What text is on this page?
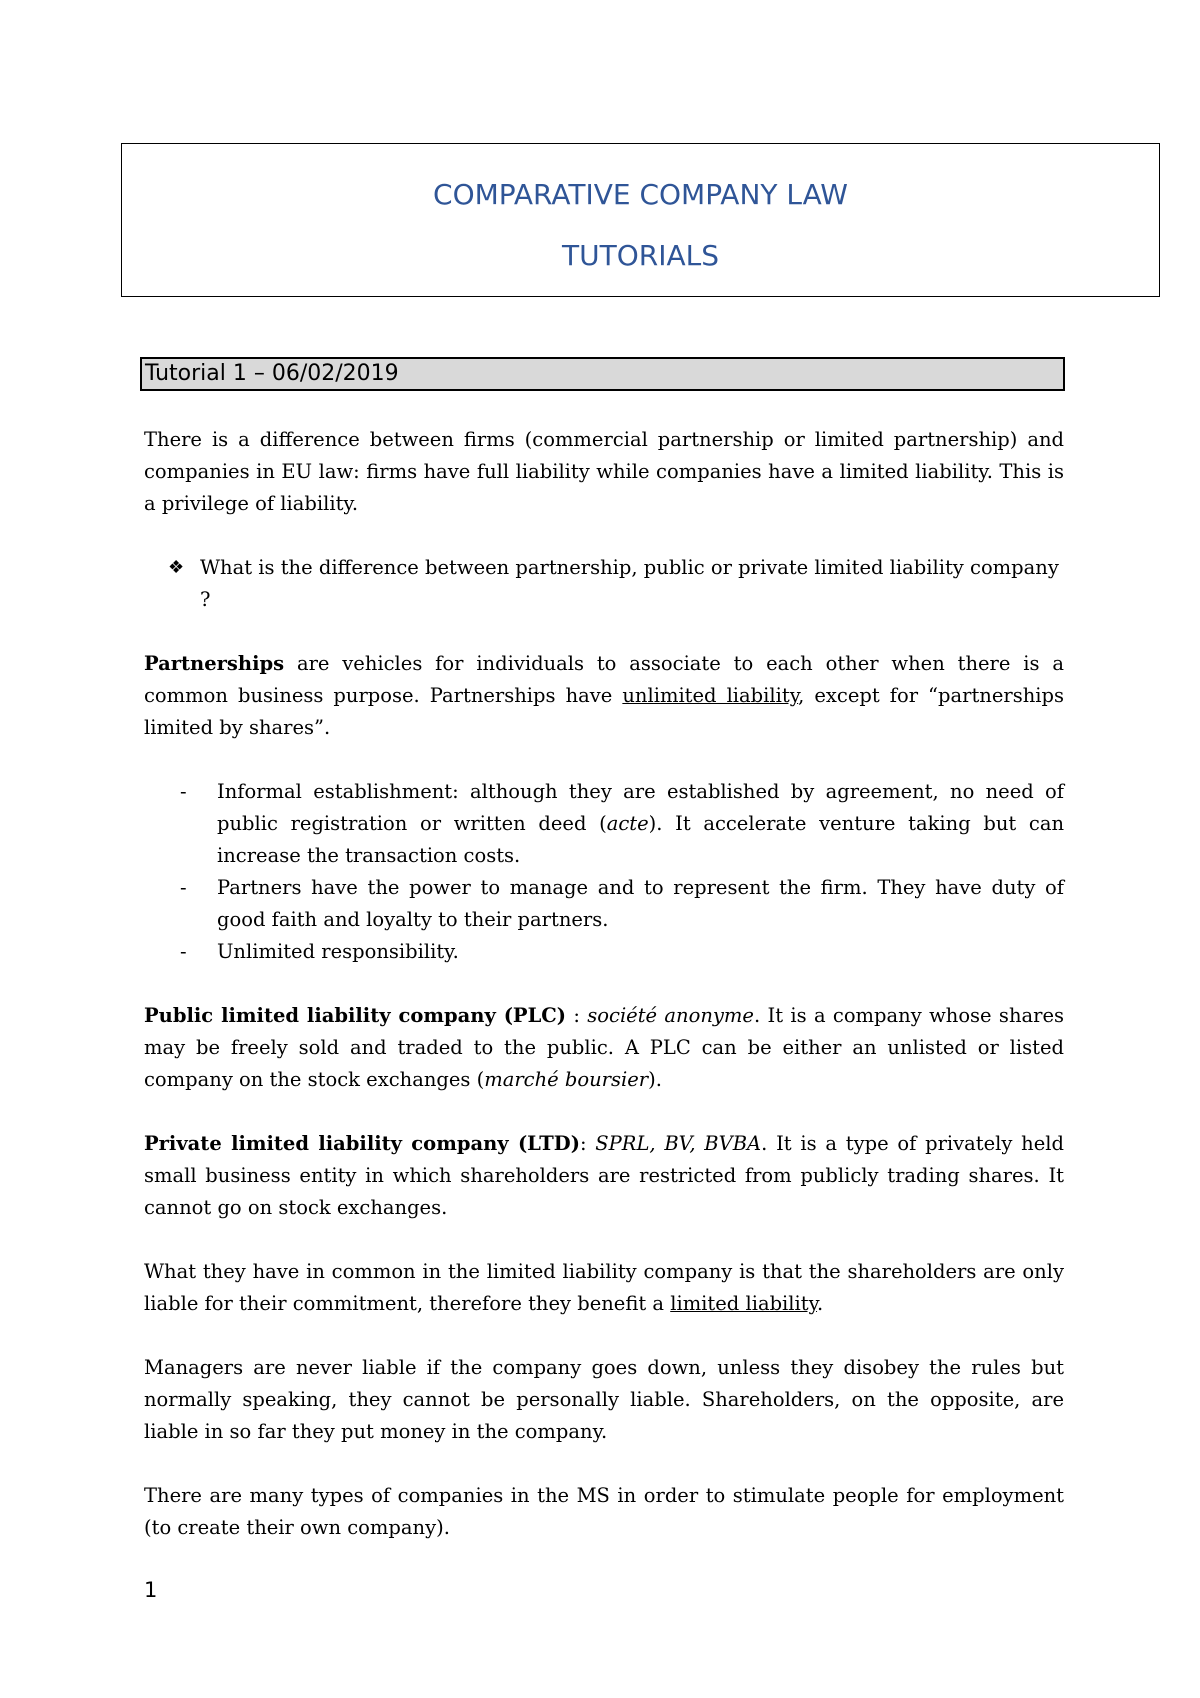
COMPARATIVE COMPANY LAW
TUTORIALS
Tutorial 1 – 06/02/2019

There is a difference between firms (commercial partnership or limited partnership) and companies in EU law: firms have full liability while companies have a limited liability. This is a privilege of liability.

❖ What is the difference between partnership, public or private limited liability company ?

Partnerships are vehicles for individuals to associate to each other when there is a common business purpose. Partnerships have unlimited liability, except for “partnerships limited by shares”.

-	Informal establishment: although they are established by agreement, no need of public registration or written deed (acte). It accelerate venture taking but can increase the transaction costs.
-	Partners have the power to manage and to represent the firm. They have duty of good faith and loyalty to their partners.
-	Unlimited responsibility.

Public limited liability company (PLC) : société anonyme. It is a company whose shares may be freely sold and traded to the public. A PLC can be either an unlisted or listed company on the stock exchanges (marché boursier).

Private limited liability company (LTD): SPRL, BV, BVBA. It is a type of privately held small business entity in which shareholders are restricted from publicly trading shares. It cannot go on stock exchanges.

What they have in common in the limited liability company is that the shareholders are only liable for their commitment, therefore they benefit a limited liability.

Managers are never liable if the company goes down, unless they disobey the rules but normally speaking, they cannot be personally liable. Shareholders, on the opposite, are liable in so far they put money in the company.

There are many types of companies in the MS in order to stimulate people for employment (to create their own company).

1
